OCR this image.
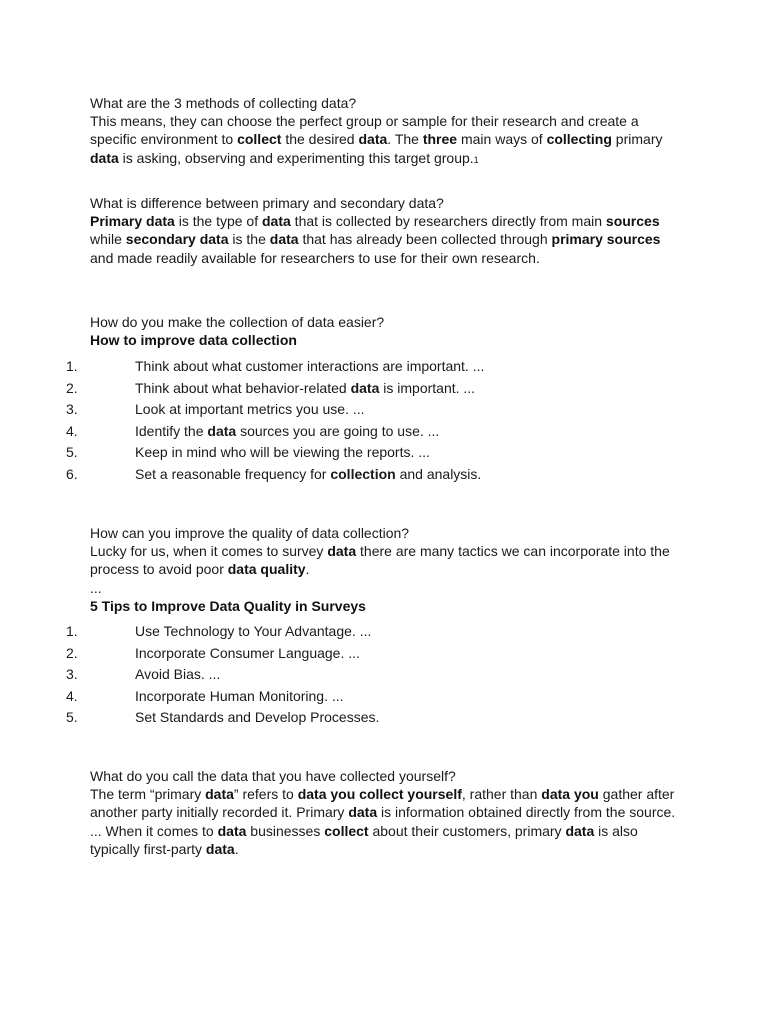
What are the 3 methods of collecting data?

This means, they can choose the perfect group or sample for their research and create a specific environment to collect the desired data. The three main ways of collecting primary data is asking, observing and experimenting this target group.1

What is difference between primary and secondary data?

Primary data is the type of data that is collected by researchers directly from main sources while secondary data is the data that has already been collected through primary sources and made readily available for researchers to use for their own research.

How do you make the collection of data easier?

How to improve data collection

1.	Think about what customer interactions are important. ...
2.	Think about what behavior-related data is important. ...
3.	Look at important metrics you use. ...
4.	Identify the data sources you are going to use. ...
5.	Keep in mind who will be viewing the reports. ...
6.	Set a reasonable frequency for collection and analysis.

How can you improve the quality of data collection?

Lucky for us, when it comes to survey data there are many tactics we can incorporate into the process to avoid poor data quality.

...

5 Tips to Improve Data Quality in Surveys

1.	Use Technology to Your Advantage. ...
2.	Incorporate Consumer Language. ...
3.	Avoid Bias. ...
4.	Incorporate Human Monitoring. ...
5.	Set Standards and Develop Processes.

What do you call the data that you have collected yourself?

The term “primary data” refers to data you collect yourself, rather than data you gather after another party initially recorded it. Primary data is information obtained directly from the source. ... When it comes to data businesses collect about their customers, primary data is also typically first-party data.
